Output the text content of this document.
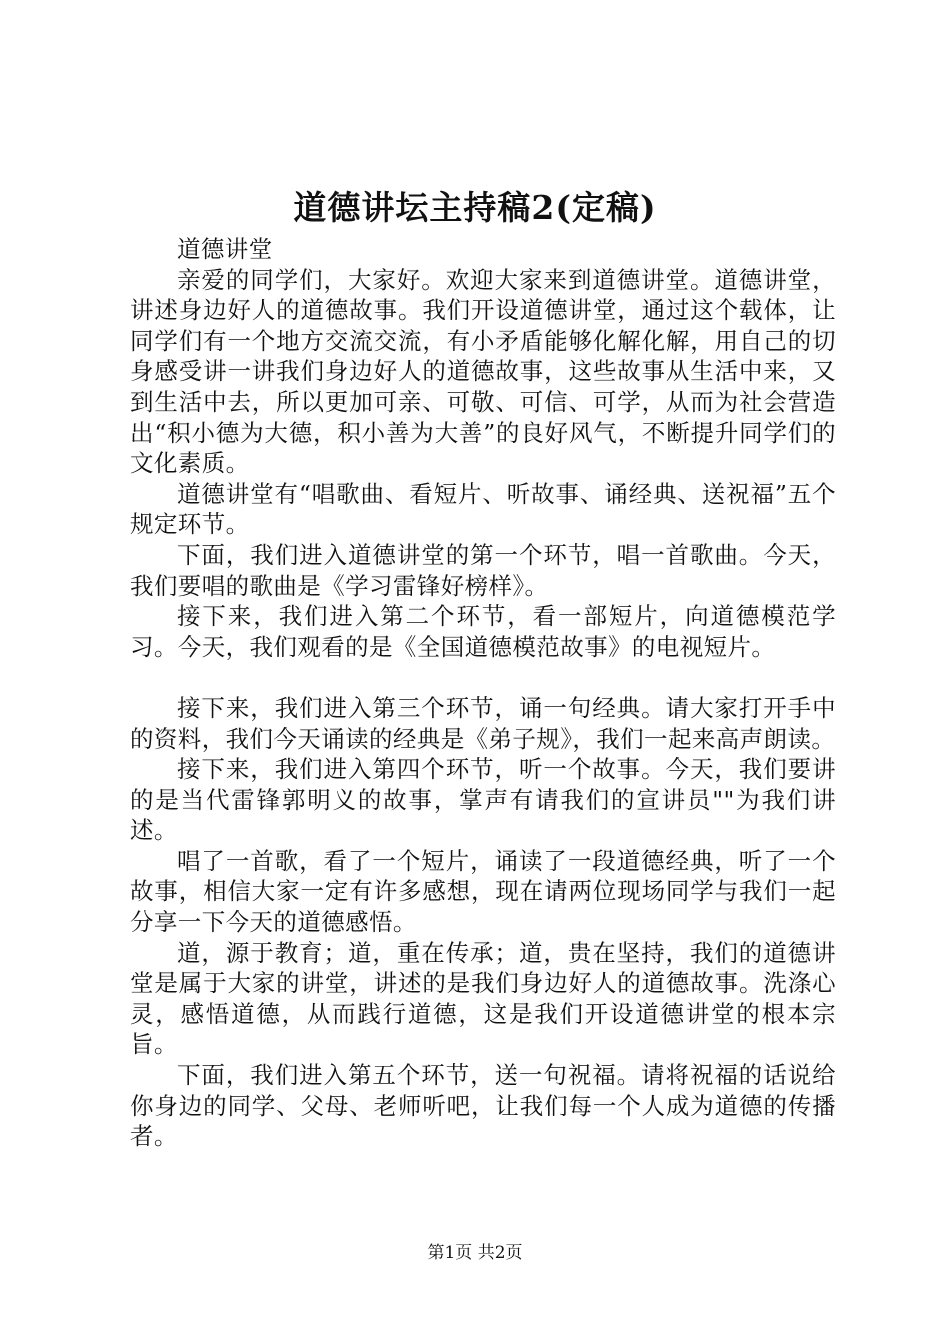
道德讲坛主持稿2(定稿)

道德讲堂

亲爱的同学们，大家好。欢迎大家来到道德讲堂。道德讲堂，讲述身边好人的道德故事。我们开设道德讲堂，通过这个载体，让同学们有一个地方交流交流，有小矛盾能够化解化解，用自己的切身感受讲一讲我们身边好人的道德故事，这些故事从生活中来，又到生活中去，所以更加可亲、可敬、可信、可学，从而为社会营造出“积小德为大德，积小善为大善”的良好风气，不断提升同学们的文化素质。

道德讲堂有“唱歌曲、看短片、听故事、诵经典、送祝福”五个规定环节。

下面，我们进入道德讲堂的第一个环节，唱一首歌曲。今天，我们要唱的歌曲是《学习雷锋好榜样》。

接下来，我们进入第二个环节，看一部短片，向道德模范学习。今天，我们观看的是《全国道德模范故事》的电视短片。

接下来，我们进入第三个环节，诵一句经典。请大家打开手中的资料，我们今天诵读的经典是《弟子规》，我们一起来高声朗读。

接下来，我们进入第四个环节，听一个故事。今天，我们要讲的是当代雷锋郭明义的故事，掌声有请我们的宣讲员""为我们讲述。

唱了一首歌，看了一个短片，诵读了一段道德经典，听了一个故事，相信大家一定有许多感想，现在请两位现场同学与我们一起分享一下今天的道德感悟。

道，源于教育；道，重在传承；道，贵在坚持，我们的道德讲堂是属于大家的讲堂，讲述的是我们身边好人的道德故事。洗涤心灵，感悟道德，从而践行道德，这是我们开设道德讲堂的根本宗旨。

下面，我们进入第五个环节，送一句祝福。请将祝福的话说给你身边的同学、父母、老师听吧，让我们每一个人成为道德的传播者。

第1页 共2页
